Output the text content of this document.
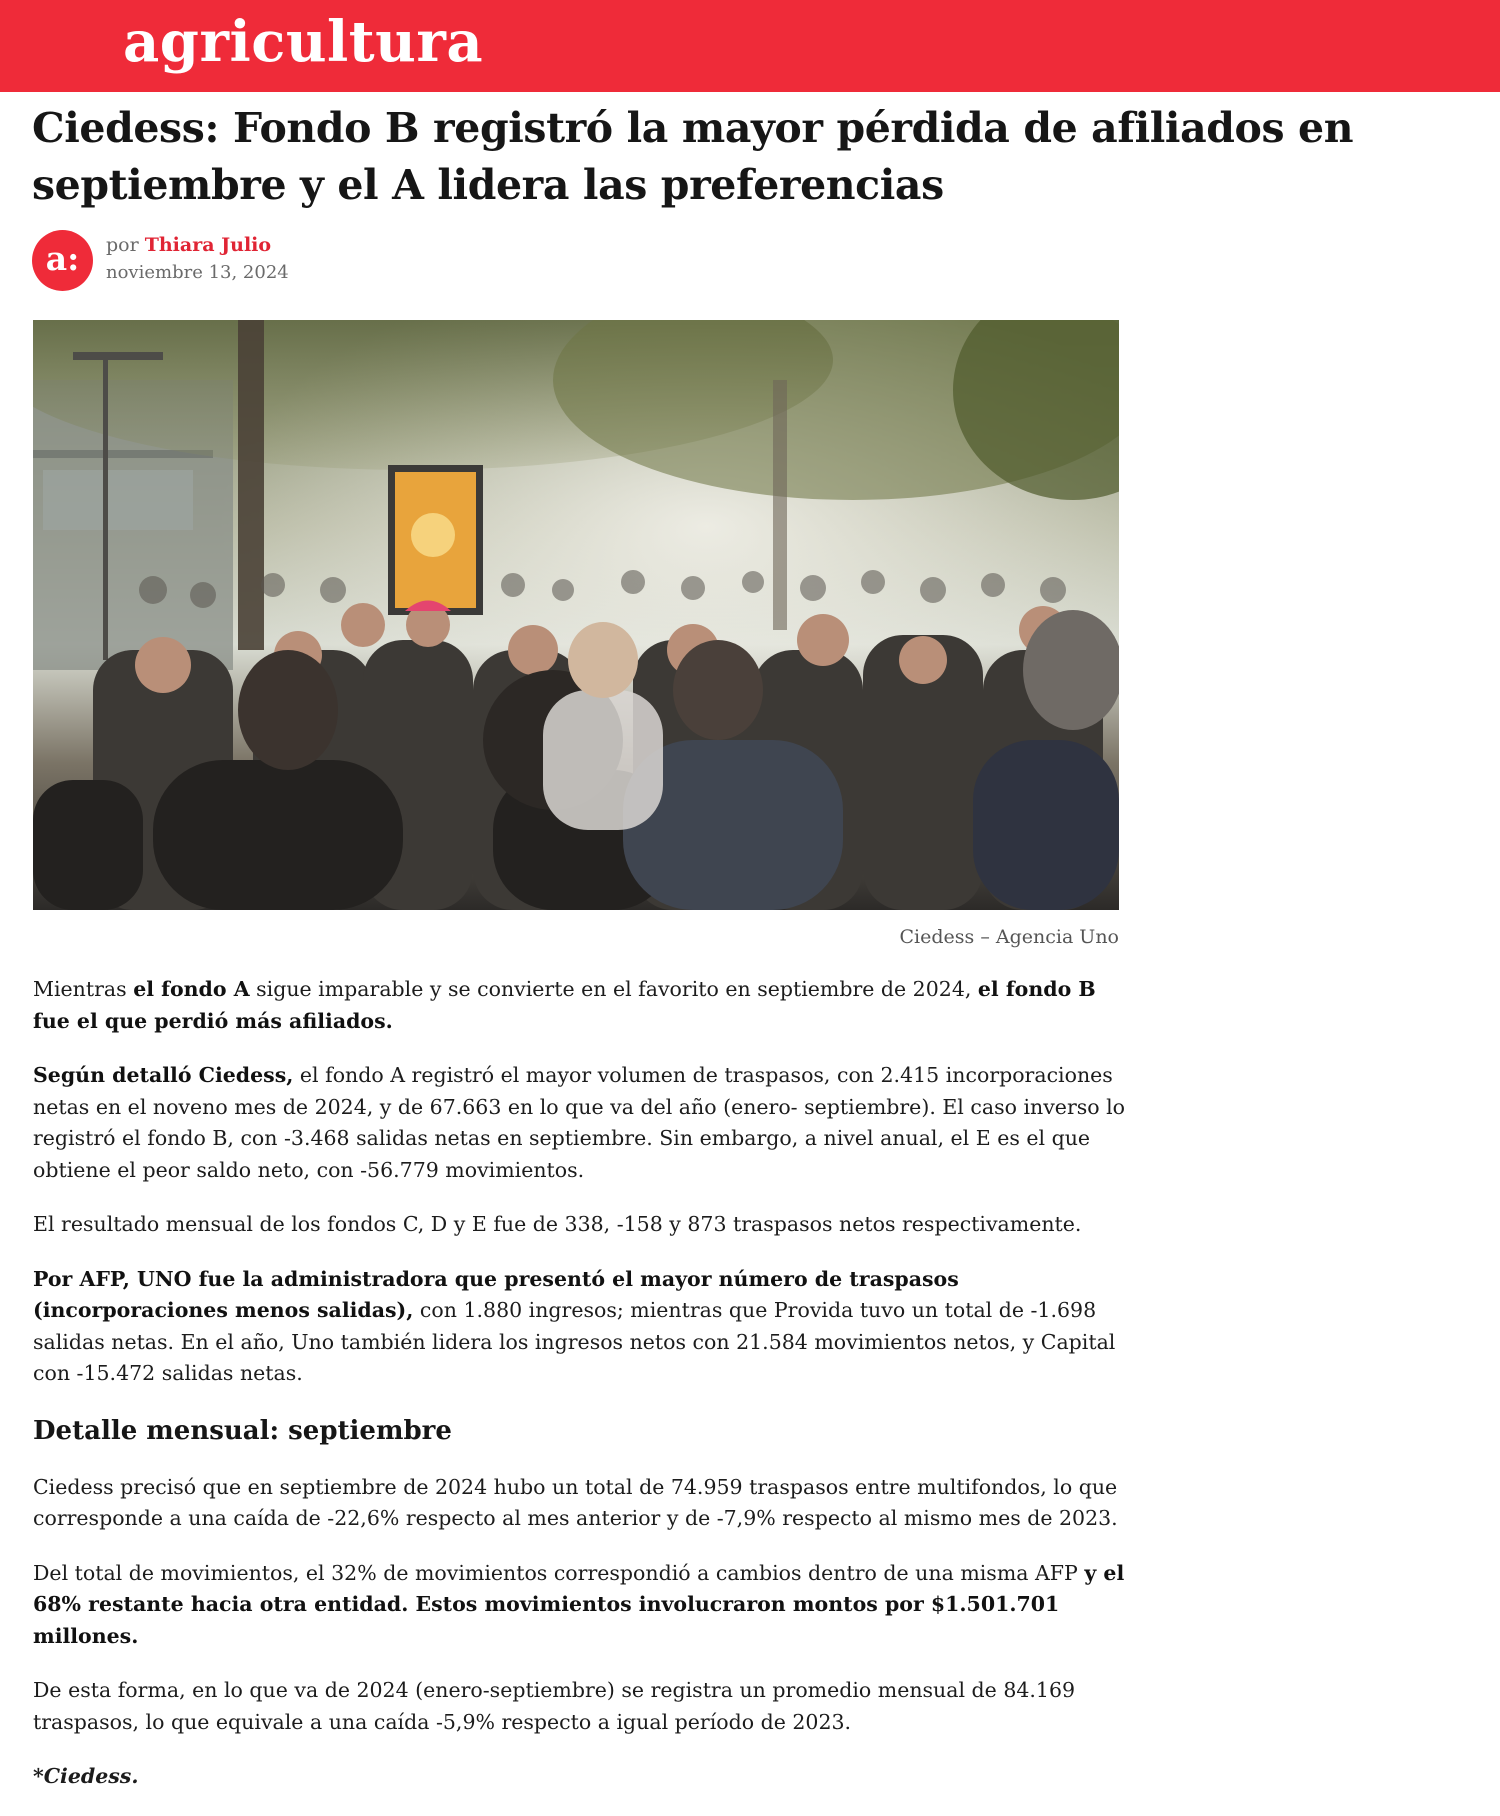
agricultura
Ciedess: Fondo B registró la mayor pérdida de afiliados en septiembre y el A lidera las preferencias
a:	por Thiara Julio
noviembre 13, 2024
Ciedess – Agencia Uno

Mientras el fondo A sigue imparable y se convierte en el favorito en septiembre de 2024, el fondo B fue el que perdió más afiliados.

Según detalló Ciedess, el fondo A registró el mayor volumen de traspasos, con 2.415 incorporaciones netas en el noveno mes de 2024, y de 67.663 en lo que va del año (enero- septiembre). El caso inverso lo registró el fondo B, con -3.468 salidas netas en septiembre. Sin embargo, a nivel anual, el E es el que obtiene el peor saldo neto, con -56.779 movimientos.

El resultado mensual de los fondos C, D y E fue de 338, -158 y 873 traspasos netos respectivamente.

Por AFP, UNO fue la administradora que presentó el mayor número de traspasos (incorporaciones menos salidas), con 1.880 ingresos; mientras que Provida tuvo un total de -1.698 salidas netas. En el año, Uno también lidera los ingresos netos con 21.584 movimientos netos, y Capital con -15.472 salidas netas.

Detalle mensual: septiembre

Ciedess precisó que en septiembre de 2024 hubo un total de 74.959 traspasos entre multifondos, lo que corresponde a una caída de -22,6% respecto al mes anterior y de -7,9% respecto al mismo mes de 2023.

Del total de movimientos, el 32% de movimientos correspondió a cambios dentro de una misma AFP y el 68% restante hacia otra entidad. Estos movimientos involucraron montos por $1.501.701 millones.

De esta forma, en lo que va de 2024 (enero-septiembre) se registra un promedio mensual de 84.169 traspasos, lo que equivale a una caída -5,9% respecto a igual período de 2023.

*Ciedess.
